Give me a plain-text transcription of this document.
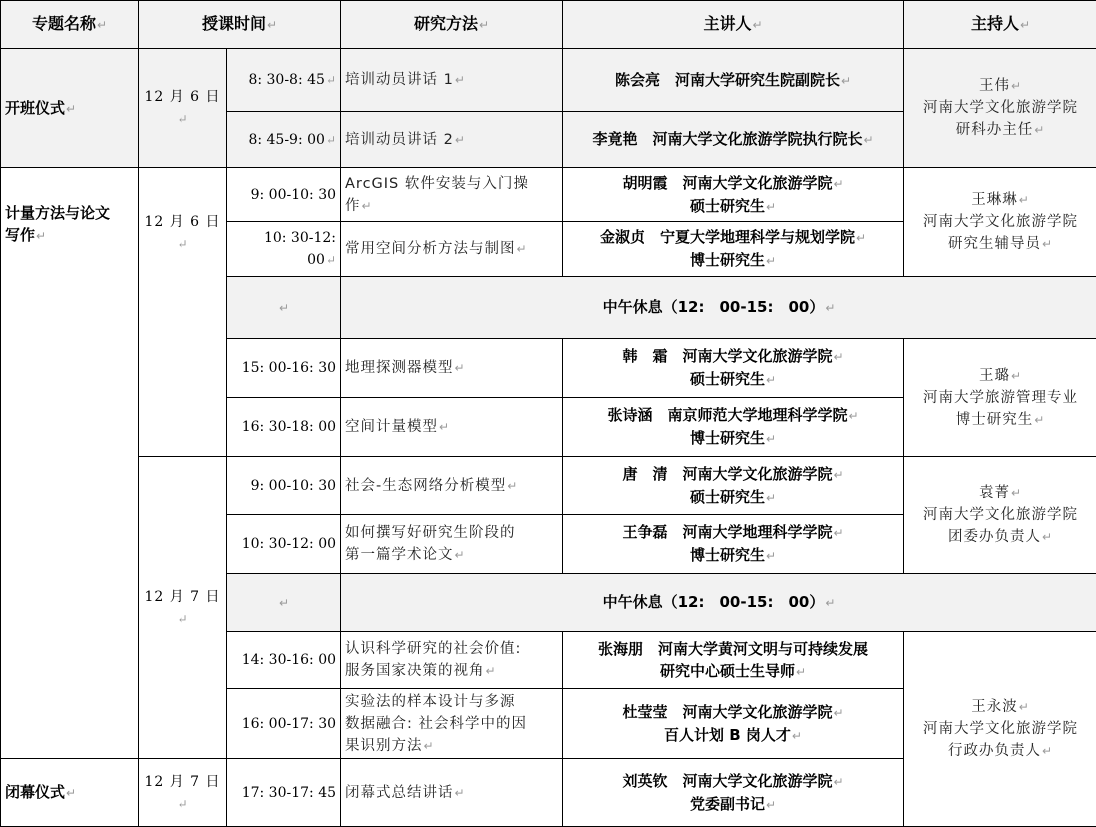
专题名称↵	授课时间↵		研究方法↵	主讲人↵	主持人↵
开班仪式↵	12 月 6 日↵	8: 30-8: 45↵	培训动员讲话 1↵	陈会亮　河南大学研究生院副院长↵	王伟↵
河南大学文化旅游学院
研科办主任↵

		8: 45-9: 00↵	培训动员讲话 2↵	李竟艳　河南大学文化旅游学院执行院长↵	

计量方法与论文
写作↵	12 月 6 日↵	9: 00-10: 30	ArcGIS 软件安装与入门操
作↵	胡明霞　河南大学文化旅游学院↵
硕士研究生↵	王琳琳↵
河南大学文化旅游学院
研究生辅导员↵

		10: 30-12: 00↵	常用空间分析方法与制图↵	金淑贞　宁夏大学地理科学与规划学院↵
博士研究生↵	

		↵	中午休息（12:　00-15:　00）↵		
		15: 00-16: 30	地理探测器模型↵	韩　霜　河南大学文化旅游学院↵
硕士研究生↵	王璐↵
河南大学旅游管理专业
博士研究生↵

		16: 30-18: 00	空间计量模型↵	张诗涵　南京师范大学地理科学学院↵
博士研究生↵	

	12 月 7 日↵	9: 00-10: 30	社会-生态网络分析模型↵	唐　清　河南大学文化旅游学院↵
硕士研究生↵	袁菁↵
河南大学文化旅游学院
团委办负责人↵

		10: 30-12: 00	如何撰写好研究生阶段的
第一篇学术论文↵	王争磊　河南大学地理科学学院↵
博士研究生↵	

		↵	中午休息（12:　00-15:　00）↵		
		14: 30-16: 00	认识科学研究的社会价值:
服务国家决策的视角↵	张海朋　河南大学黄河文明与可持续发展
研究中心硕士生导师↵	王永波↵
河南大学文化旅游学院
行政办负责人↵

		16: 00-17: 30	实验法的样本设计与多源
数据融合: 社会科学中的因
果识别方法↵	杜莹莹　河南大学文化旅游学院↵
百人计划 B 岗人才↵	

闭幕仪式↵	12 月 7 日↵	17: 30-17: 45	闭幕式总结讲话↵	刘英钦　河南大学文化旅游学院↵
党委副书记↵	
